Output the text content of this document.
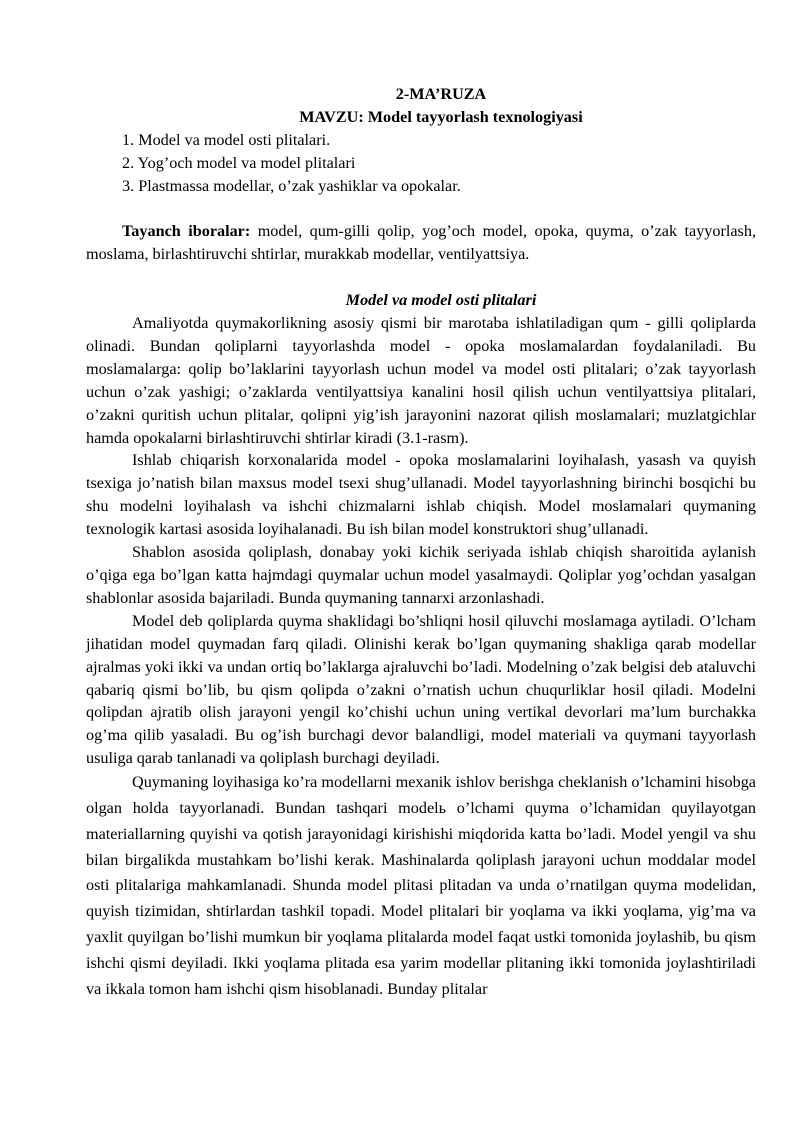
2-MA’RUZA

MAVZU: Model tayyorlash texnologiyasi

1. Model va model osti plitalari.
2. Yog’och model va model plitalari
3. Plastmassa modellar, o’zak yashiklar va opokalar.

Tayanch iboralar: model, qum-gilli qolip, yog’och model, opoka, quyma, o’zak tayyorlash, moslama, birlashtiruvchi shtirlar, murakkab modellar, ventilyattsiya.

Model va model osti plitalari

Amaliyotda quymakorlikning asosiy qismi bir marotaba ishlatiladigan qum - gilli qoliplarda olinadi. Bundan qoliplarni tayyorlashda model - opoka moslamalardan foydalaniladi. Bu moslamalarga: qolip bo’laklarini tayyorlash uchun model va model osti plitalari; o’zak tayyorlash uchun o’zak yashigi; o’zaklarda ventilyattsiya kanalini hosil qilish uchun ventilyattsiya plitalari, o’zakni quritish uchun plitalar, qolipni yig’ish jarayonini nazorat qilish moslamalari; muzlatgichlar hamda opokalarni birlashtiruvchi shtirlar kiradi (3.1-rasm).

Ishlab chiqarish korxonalarida model - opoka moslamalarini loyihalash, yasash va quyish tsexiga jo’natish bilan maxsus model tsexi shug’ullanadi. Model tayyorlashning birinchi bosqichi bu shu modelni loyihalash va ishchi chizmalarni ishlab chiqish. Model moslamalari quymaning texnologik kartasi asosida loyihalanadi. Bu ish bilan model konstruktori shug’ullanadi.

Shablon asosida qoliplash, donabay yoki kichik seriyada ishlab chiqish sharoitida aylanish o’qiga ega bo’lgan katta hajmdagi quymalar uchun model yasalmaydi. Qoliplar yog’ochdan yasalgan shablonlar asosida bajariladi. Bunda quymaning tannarxi arzonlashadi.

Model deb qoliplarda quyma shaklidagi bo’shliqni hosil qiluvchi moslamaga aytiladi. O’lcham jihatidan model quymadan farq qiladi. Olinishi kerak bo’lgan quymaning shakliga qarab modellar ajralmas yoki ikki va undan ortiq bo’laklarga ajraluvchi bo’ladi. Modelning o’zak belgisi deb ataluvchi qabariq qismi bo’lib, bu qism qolipda o’zakni o’rnatish uchun chuqurliklar hosil qiladi. Modelni qolipdan ajratib olish jarayoni yengil ko’chishi uchun uning vertikal devorlari ma’lum burchakka og’ma qilib yasaladi. Bu og’ish burchagi devor balandligi, model materiali va quymani tayyorlash usuliga qarab tanlanadi va qoliplash burchagi deyiladi.

Quymaning loyihasiga ko’ra modellarni mexanik ishlov berishga cheklanish o’lchamini hisobga olgan holda tayyorlanadi. Bundan tashqari modelь o’lchami quyma o’lchamidan quyilayotgan materiallarning quyishi va qotish jarayonidagi kirishishi miqdorida katta bo’ladi. Model yengil va shu bilan birgalikda mustahkam bo’lishi kerak. Mashinalarda qoliplash jarayoni uchun moddalar model osti plitalariga mahkamlanadi. Shunda model plitasi plitadan va unda o’rnatilgan quyma modelidan, quyish tizimidan, shtirlardan tashkil topadi. Model plitalari bir yoqlama va ikki yoqlama, yig’ma va yaxlit quyilgan bo’lishi mumkun bir yoqlama plitalarda model faqat ustki tomonida joylashib, bu qism ishchi qismi deyiladi. Ikki yoqlama plitada esa yarim modellar plitaning ikki tomonida joylashtiriladi va ikkala tomon ham ishchi qism hisoblanadi. Bunday plitalar
